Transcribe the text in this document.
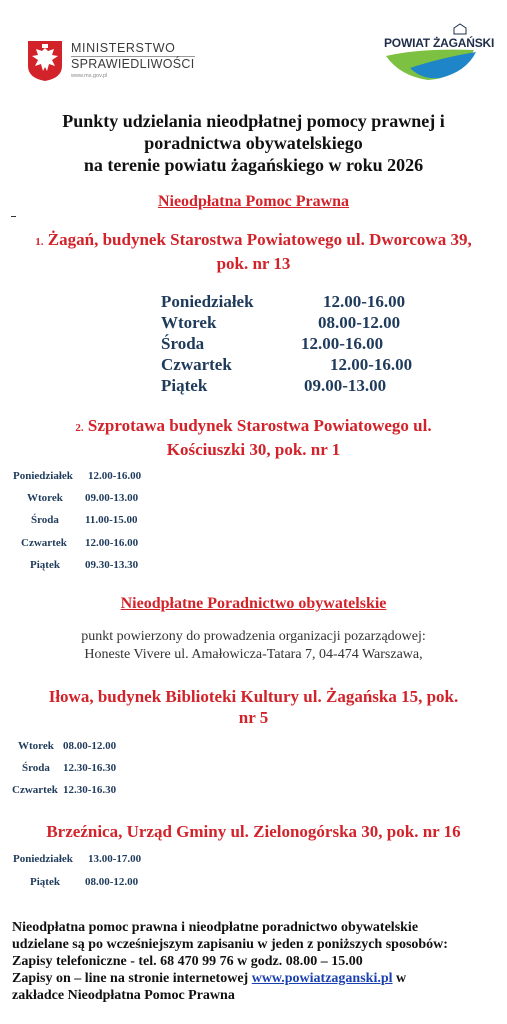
MINISTERSTWO
SPRAWIEDLIWOŚCI
www.ms.gov.pl
POWIAT ŻAGAŃSKI
Punkty udzielania nieodpłatnej pomocy prawnej i
poradnictwa obywatelskiego
na terenie powiatu żagańskiego w roku 2026
Nieodpłatna Pomoc Prawna
1. Żagań, budynek Starostwa Powiatowego ul. Dworcowa 39,
pok. nr 13
Poniedziałek	12.00-16.00
Wtorek	08.00-12.00
Środa	12.00-16.00
Czwartek	12.00-16.00
Piątek	09.00-13.00
2. Szprotawa budynek Starostwa Powiatowego ul.
Kościuszki 30, pok. nr 1
Poniedziałek 12.00-16.00
Wtorek 09.00-13.00
Środa 11.00-15.00
Czwartek 12.00-16.00
Piątek 09.30-13.30
Nieodpłatne Poradnictwo obywatelskie
punkt powierzony do prowadzenia organizacji pozarządowej:
Honeste Vivere ul. Amałowicza-Tatara 7, 04-474 Warszawa,
Iłowa, budynek Biblioteki Kultury ul. Żagańska 15, pok.
nr 5
Wtorek 08.00-12.00
Środa 12.30-16.30
Czwartek 12.30-16.30
Brzeźnica, Urząd Gminy ul. Zielonogórska 30, pok. nr 16
Poniedziałek 13.00-17.00
Piątek 08.00-12.00
Nieodpłatna pomoc prawna i nieodpłatne poradnictwo obywatelskie
udzielane są po wcześniejszym zapisaniu w jeden z poniższych sposobów:
Zapisy telefoniczne - tel. 68 470 99 76 w godz. 08.00 – 15.00
Zapisy on – line na stronie internetowej www.powiatzaganski.pl w
zakładce Nieodpłatna Pomoc Prawna
